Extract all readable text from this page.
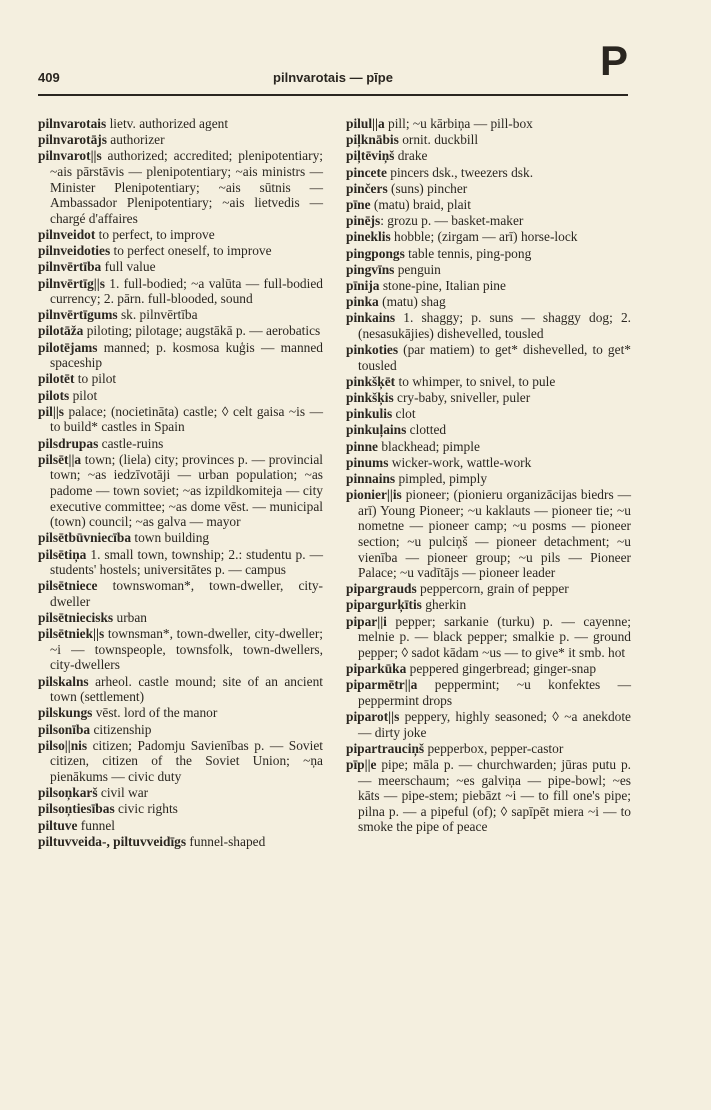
409	pilnvarotais — pīpe	P
pilnvarotais lietv. authorized agent
pilnvarotājs authorizer
pilnvarot||s authorized; accredited; plenipotentiary; ~ais pārstāvis — plenipotentiary; ~ais ministrs — Minister Plenipotentiary; ~ais sūtnis — Ambassador Plenipotentiary; ~ais lietvedis — chargé d'affaires
pilnveidot to perfect, to improve
pilnveidoties to perfect oneself, to improve
pilnvērtība full value
pilnvērtīg||s 1. full-bodied; ~a valūta — full-bodied currency; 2. pārn. full-blooded, sound
pilnvērtīgums sk. pilnvērtība
pilotāža piloting; pilotage; augstākā p. — aerobatics
pilotējams manned; p. kosmosa kuģis — manned spaceship
pilotēt to pilot
pilots pilot
pil||s palace; (nocietināta) castle; ◊ celt gaisa ~is — to build* castles in Spain
pilsdrupas castle-ruins
pilsēt||a town; (liela) city; provinces p. — provincial town; ~as iedzīvotāji — urban population; ~as padome — town soviet; ~as izpildkomiteja — city executive committee; ~as dome vēst. — municipal (town) council; ~as galva — mayor
pilsētbūvniecība town building
pilsētiņa 1. small town, township; 2.: studentu p. — students' hostels; universitātes p. — campus
pilsētniece townswoman*, town-dweller, city-dweller
pilsētniecisks urban
pilsētniek||s townsman*, town-dweller, city-dweller; ~i — townspeople, townsfolk, town-dwellers, city-dwellers
pilskalns arheol. castle mound; site of an ancient town (settlement)
pilskungs vēst. lord of the manor
pilsonība citizenship
pilso||nis citizen; Padomju Savienības p. — Soviet citizen, citizen of the Soviet Union; ~ņa pienākums — civic duty
pilsoņkarš civil war
pilsoņtiesības civic rights
piltuve funnel
piltuvveida-, piltuvveidīgs funnel-shaped
pilul||a pill; ~u kārbiņa — pill-box
piļknābis ornit. duckbill
piļtēviņš drake
pincete pincers dsk., tweezers dsk.
pinčers (suns) pincher
pīne (matu) braid, plait
pinējs: grozu p. — basket-maker
pineklis hobble; (zirgam — arī) horse-lock
pingpongs table tennis, ping-pong
pingvīns penguin
pīnija stone-pine, Italian pine
pinka (matu) shag
pinkains 1. shaggy; p. suns — shaggy dog; 2. (nesasukājies) dishevelled, tousled
pinkoties (par matiem) to get* dishevelled, to get* tousled
pinkšķēt to whimper, to snivel, to pule
pinkšķis cry-baby, sniveller, puler
pinkulis clot
pinkuļains clotted
pinne blackhead; pimple
pinums wicker-work, wattle-work
pinnains pimpled, pimply
pionier||is pioneer; (pionieru organizācijas biedrs — arī) Young Pioneer; ~u kaklauts — pioneer tie; ~u nometne — pioneer camp; ~u posms — pioneer section; ~u pulciņš — pioneer detachment; ~u vienība — pioneer group; ~u pils — Pioneer Palace; ~u vadītājs — pioneer leader
pipargrauds peppercorn, grain of pepper
pipargurķītis gherkin
pipar||i pepper; sarkanie (turku) p. — cayenne; melnie p. — black pepper; smalkie p. — ground pepper; ◊ sadot kādam ~us — to give* it smb. hot
piparkūka peppered gingerbread; ginger-snap
piparmētr||a peppermint; ~u konfektes — peppermint drops
piparot||s peppery, highly seasoned; ◊ ~a anekdote — dirty joke
pipartrauciņš pepperbox, pepper-castor
pīp||e pipe; māla p. — churchwarden; jūras putu p. — meerschaum; ~es galviņa — pipe-bowl; ~es kāts — pipe-stem; piebāzt ~i — to fill one's pipe; pilna p. — a pipeful (of); ◊ sapīpēt miera ~i — to smoke the pipe of peace
